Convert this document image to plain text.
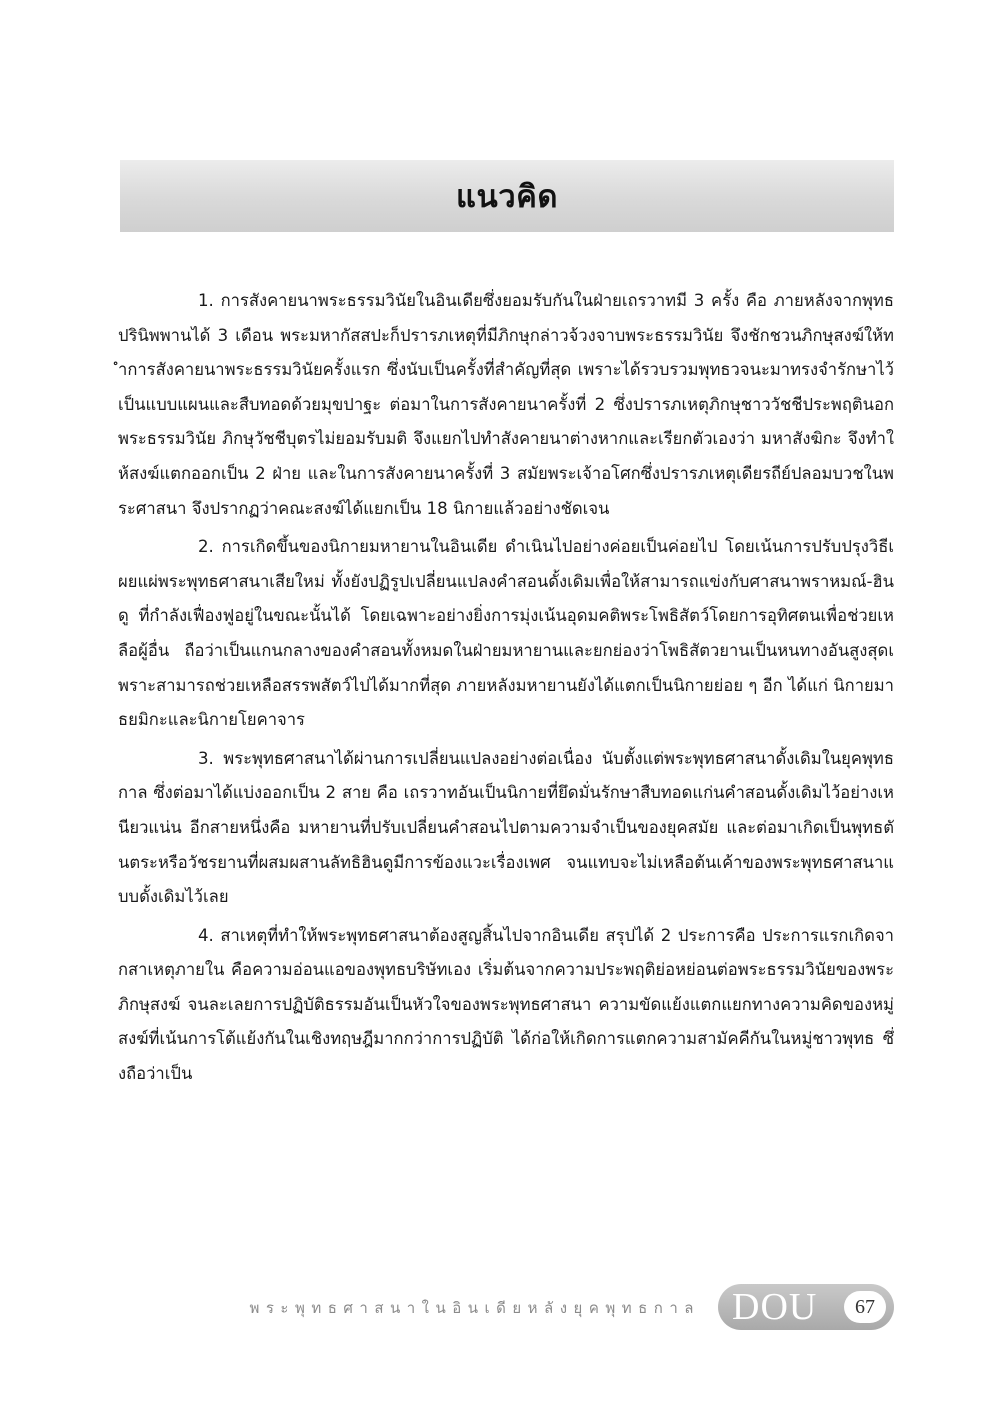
แนวคิด

1. การสังคายนาพระธรรมวินัยในอินเดียซึ่งยอมรับกันในฝ่ายเถรวาทมี 3 ครั้ง คือ ภายหลังจากพุทธปรินิพพานได้ 3 เดือน พระมหากัสสปะก็ปรารภเหตุที่มีภิกษุกล่าวจ้วงจาบพระธรรมวินัย จึงชักชวนภิกษุสงฆ์ให้ทำการสังคายนาพระธรรมวินัยครั้งแรก ซึ่งนับเป็นครั้งที่สำคัญที่สุด เพราะได้รวบรวมพุทธวจนะมาทรงจำรักษาไว้เป็นแบบแผนและสืบทอดด้วยมุขปาฐะ ต่อมาในการสังคายนาครั้งที่ 2 ซึ่งปรารภเหตุภิกษุชาววัชชีประพฤตินอกพระธรรมวินัย ภิกษุวัชชีบุตรไม่ยอมรับมติ จึงแยกไปทำสังคายนาต่างหากและเรียกตัวเองว่า มหาสังฆิกะ จึงทำให้สงฆ์แตกออกเป็น 2 ฝ่าย และในการสังคายนาครั้งที่ 3 สมัยพระเจ้าอโศกซึ่งปรารภเหตุเดียรถีย์ปลอมบวชในพระศาสนา จึงปรากฏว่าคณะสงฆ์ได้แยกเป็น 18 นิกายแล้วอย่างชัดเจน

2. การเกิดขึ้นของนิกายมหายานในอินเดีย ดำเนินไปอย่างค่อยเป็นค่อยไป โดยเน้นการปรับปรุงวิธีเผยแผ่พระพุทธศาสนาเสียใหม่ ทั้งยังปฏิรูปเปลี่ยนแปลงคำสอนดั้งเดิมเพื่อให้สามารถแข่งกับศาสนาพราหมณ์-ฮินดู ที่กำลังเฟื่องฟูอยู่ในขณะนั้นได้ โดยเฉพาะอย่างยิ่งการมุ่งเน้นอุดมคติพระโพธิสัตว์โดยการอุทิศตนเพื่อช่วยเหลือผู้อื่น ถือว่าเป็นแกนกลางของคำสอนทั้งหมดในฝ่ายมหายานและยกย่องว่าโพธิสัตวยานเป็นหนทางอันสูงสุดเพราะสามารถช่วยเหลือสรรพสัตว์ไปได้มากที่สุด ภายหลังมหายานยังได้แตกเป็นนิกายย่อย ๆ อีก ได้แก่ นิกายมาธยมิกะและนิกายโยคาจาร

3. พระพุทธศาสนาได้ผ่านการเปลี่ยนแปลงอย่างต่อเนื่อง นับตั้งแต่พระพุทธศาสนาดั้งเดิมในยุคพุทธกาล ซึ่งต่อมาได้แบ่งออกเป็น 2 สาย คือ เถรวาทอันเป็นนิกายที่ยึดมั่นรักษาสืบทอดแก่นคำสอนดั้งเดิมไว้อย่างเหนียวแน่น อีกสายหนึ่งคือ มหายานที่ปรับเปลี่ยนคำสอนไปตามความจำเป็นของยุคสมัย และต่อมาเกิดเป็นพุทธตันตระหรือวัชรยานที่ผสมผสานลัทธิฮินดูมีการข้องแวะเรื่องเพศ จนแทบจะไม่เหลือต้นเค้าของพระพุทธศาสนาแบบดั้งเดิมไว้เลย

4. สาเหตุที่ทำให้พระพุทธศาสนาต้องสูญสิ้นไปจากอินเดีย สรุปได้ 2 ประการคือ ประการแรกเกิดจากสาเหตุภายใน คือความอ่อนแอของพุทธบริษัทเอง เริ่มต้นจากความประพฤติย่อหย่อนต่อพระธรรมวินัยของพระภิกษุสงฆ์ จนละเลยการปฏิบัติธรรมอันเป็นหัวใจของพระพุทธศาสนา ความขัดแย้งแตกแยกทางความคิดของหมู่สงฆ์ที่เน้นการโต้แย้งกันในเชิงทฤษฎีมากกว่าการปฏิบัติ ได้ก่อให้เกิดการแตกความสามัคคีกันในหมู่ชาวพุทธ ซึ่งถือว่าเป็น

พระพุทธศาสนาในอินเดียหลังยุคพุทธกาล DOU	67
